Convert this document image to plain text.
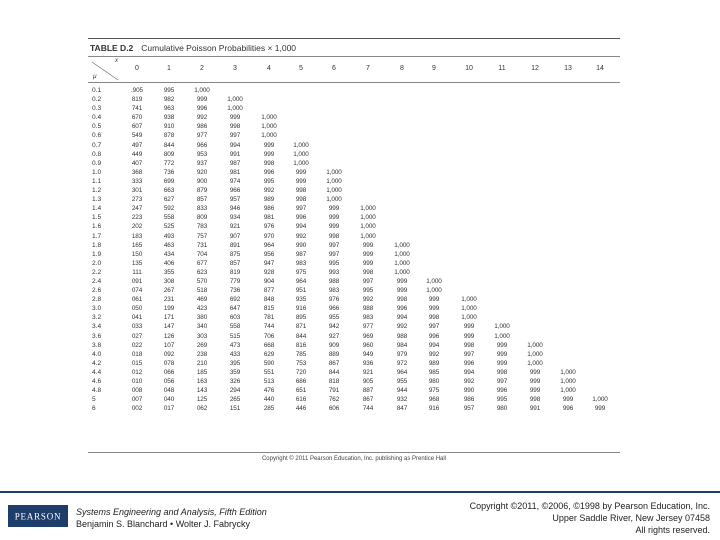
TABLE D.2 Cumulative Poisson Probabilities × 1,000
x
μ
0	1	2	3	4	5	6	7	8	9	10	11	12	13	14
0.1	.905	995	1,000
0.2	819	982	999	1,000
0.3	741	963	996	1,000
0.4	670	938	992	999	1,000
0.5	607	910	986	998	1,000
0.6	549	878	977	997	1,000
0.7	497	844	966	994	999	1,000
0.8	449	809	953	991	999	1,000
0.9	407	772	937	987	998	1,000
1.0	368	736	920	981	996	999	1,000
1.1	333	699	900	974	995	999	1,000
1.2	301	663	879	966	992	998	1,000
1.3	273	627	857	957	989	998	1,000
1.4	247	592	833	946	986	997	999	1,000
1.5	223	558	809	934	981	996	999	1,000
1.6	202	525	783	921	976	994	999	1,000
1.7	183	493	757	907	970	992	998	1,000
1.8	165	463	731	891	964	990	997	999	1,000
1.9	150	434	704	875	956	987	997	999	1,000
2.0	135	406	677	857	947	983	995	999	1,000
2.2	111	355	623	819	928	975	993	998	1,000
2.4	091	308	570	779	904	964	988	997	999	1,000
2.6	074	267	518	736	877	951	983	995	999	1,000
2.8	061	231	469	692	848	935	976	992	998	999	1,000
3.0	050	199	423	647	815	916	966	988	996	999	1,000
3.2	041	171	380	603	781	895	955	983	994	998	1,000
3.4	033	147	340	558	744	871	942	977	992	997	999	1,000
3.6	027	126	303	515	706	844	927	969	988	996	999	1,000
3.8	022	107	269	473	668	816	909	960	984	994	998	999	1,000
4.0	018	092	238	433	629	785	889	949	979	992	997	999	1,000
4.2	015	078	210	395	590	753	867	936	972	989	996	999	1,000
4.4	012	066	185	359	551	720	844	921	964	985	994	998	999	1,000
4.6	010	056	163	326	513	686	818	905	955	980	992	997	999	1,000
4.8	008	048	143	294	476	651	791	887	944	975	990	996	999	1,000
5	007	040	125	265	440	616	762	867	932	968	986	995	998	999	1,000
6	002	017	062	151	285	446	606	744	847	916	957	980	991	996	999
Copyright © 2011 Pearson Education, Inc. publishing as Prentice Hall
PEARSON Systems Engineering and Analysis, Fifth Edition
Benjamin S. Blanchard • Wolter J. Fabrycky
Copyright ©2011, ©2006, ©1998 by Pearson Education, Inc.
Upper Saddle River, New Jersey 07458
All rights reserved.
